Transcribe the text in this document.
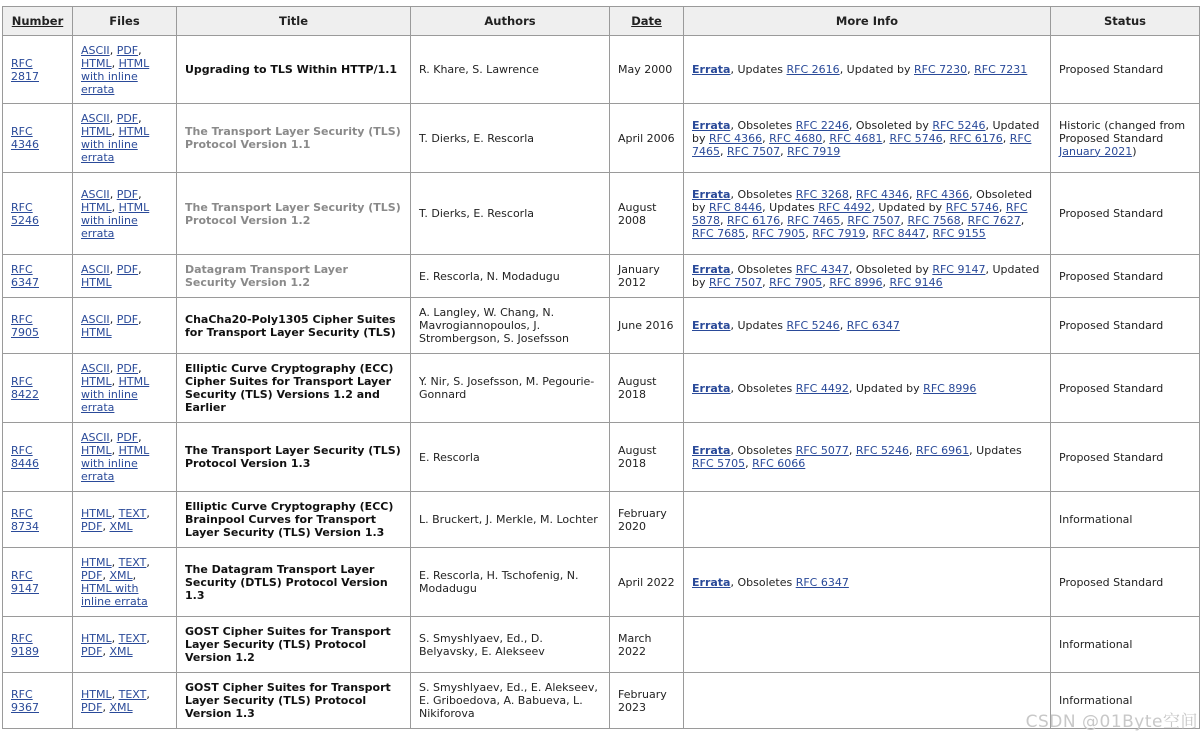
Number	Files	Title	Authors	Date	More Info	Status
RFC 2817	ASCII, PDF, HTML, HTML with inline errata	Upgrading to TLS Within HTTP/1.1	R. Khare, S. Lawrence	May 2000	Errata, Updates RFC 2616, Updated by RFC 7230, RFC 7231	Proposed Standard
RFC 4346	ASCII, PDF, HTML, HTML with inline errata	The Transport Layer Security (TLS) Protocol Version 1.1	T. Dierks, E. Rescorla	April 2006	Errata, Obsoletes RFC 2246, Obsoleted by RFC 5246, Updated by RFC 4366, RFC 4680, RFC 4681, RFC 5746, RFC 6176, RFC 7465, RFC 7507, RFC 7919	Historic (changed from Proposed Standard January 2021)
RFC 5246	ASCII, PDF, HTML, HTML with inline errata	The Transport Layer Security (TLS) Protocol Version 1.2	T. Dierks, E. Rescorla	August 2008	Errata, Obsoletes RFC 3268, RFC 4346, RFC 4366, Obsoleted by RFC 8446, Updates RFC 4492, Updated by RFC 5746, RFC 5878, RFC 6176, RFC 7465, RFC 7507, RFC 7568, RFC 7627, RFC 7685, RFC 7905, RFC 7919, RFC 8447, RFC 9155	Proposed Standard
RFC 6347	ASCII, PDF, HTML	Datagram Transport Layer Security Version 1.2	E. Rescorla, N. Modadugu	January 2012	Errata, Obsoletes RFC 4347, Obsoleted by RFC 9147, Updated by RFC 7507, RFC 7905, RFC 8996, RFC 9146	Proposed Standard
RFC 7905	ASCII, PDF, HTML	ChaCha20-Poly1305 Cipher Suites for Transport Layer Security (TLS)	A. Langley, W. Chang, N. Mavrogiannopoulos, J. Strombergson, S. Josefsson	June 2016	Errata, Updates RFC 5246, RFC 6347	Proposed Standard
RFC 8422	ASCII, PDF, HTML, HTML with inline errata	Elliptic Curve Cryptography (ECC) Cipher Suites for Transport Layer Security (TLS) Versions 1.2 and Earlier	Y. Nir, S. Josefsson, M. Pegourie-Gonnard	August 2018	Errata, Obsoletes RFC 4492, Updated by RFC 8996	Proposed Standard
RFC 8446	ASCII, PDF, HTML, HTML with inline errata	The Transport Layer Security (TLS) Protocol Version 1.3	E. Rescorla	August 2018	Errata, Obsoletes RFC 5077, RFC 5246, RFC 6961, Updates RFC 5705, RFC 6066	Proposed Standard
RFC 8734	HTML, TEXT, PDF, XML	Elliptic Curve Cryptography (ECC) Brainpool Curves for Transport Layer Security (TLS) Version 1.3	L. Bruckert, J. Merkle, M. Lochter	February 2020		Informational
RFC 9147	HTML, TEXT, PDF, XML, HTML with inline errata	The Datagram Transport Layer Security (DTLS) Protocol Version 1.3	E. Rescorla, H. Tschofenig, N. Modadugu	April 2022	Errata, Obsoletes RFC 6347	Proposed Standard
RFC 9189	HTML, TEXT, PDF, XML	GOST Cipher Suites for Transport Layer Security (TLS) Protocol Version 1.2	S. Smyshlyaev, Ed., D. Belyavsky, E. Alekseev	March 2022		Informational
RFC 9367	HTML, TEXT, PDF, XML	GOST Cipher Suites for Transport Layer Security (TLS) Protocol Version 1.3	S. Smyshlyaev, Ed., E. Alekseev, E. Griboedova, A. Babueva, L. Nikiforova	February 2023		Informational
CSDN @01Byte空间
